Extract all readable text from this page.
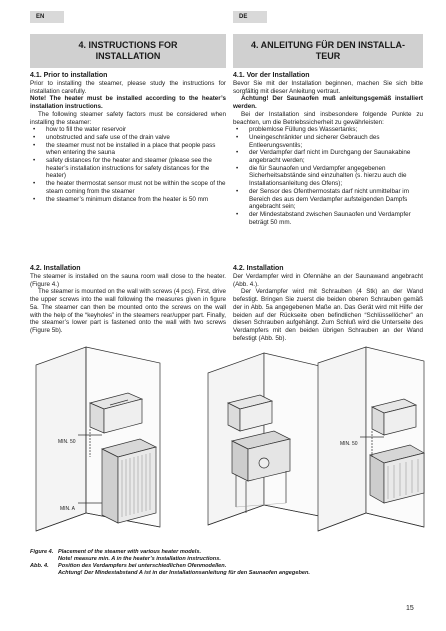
EN	DE
4. INSTRUCTIONS FOR
INSTALLATION
4. ANLEITUNG FÜR DEN INSTALLA-
TEUR
4.1. Prior to installation

Prior to installing the steamer, please study the instructions for installation carefully.

Note! The heater must be installed according to the heater’s installation instructions.

The following steamer safety factors must be considered when installing the steamer:

• how to fill the water reservoir
• unobstructed and safe use of the drain valve
• the steamer must not be installed in a place that people pass when entering the sauna
• safety distances for the heater and steamer (please see the heater’s installation instructions for safety distances for the heater)
• the heater thermostat sensor must not be within the scope of the steam coming from the steamer
• the steamer’s minimum distance from the heater is 50 mm
4.1. Vor der Installation

Bevor Sie mit der Installation beginnen, machen Sie sich bitte sorgfältig mit dieser Anleitung vertraut.

Achtung! Der Saunaofen muß anleitungsgemäß installiert werden.

Bei der Installation sind insbesondere folgende Punkte zu beachten, um die Betriebssicherheit zu gewährleisten:

• problemlose Füllung des Wassertanks;
• Uneingeschränkter und sicherer Gebrauch des Entleerungsventils;
• der Verdampfer darf nicht im Durchgang der Saunakabine angebracht werden;
• die für Saunaofen und Verdampfer angegebenen Sicherheitsabstände sind einzuhalten (s. hierzu auch die Installationsanleitung des Ofens);
• der Sensor des Ofenthermostats darf nicht unmittelbar im Bereich des aus dem Verdampfer aufsteigenden Dampfs angebracht sein;
• der Mindestabstand zwischen Saunaofen und Verdampfer beträgt 50 mm.
4.2. Installation

The steamer is installed on the sauna room wall close to the heater. (Figure 4.)

The steamer is mounted on the wall with screws (4 pcs). First, drive the upper screws into the wall following the measures given in figure 5a. The steamer can then be mounted onto the screws on the wall with the help of the “keyholes” in the steamers rear/upper part. Finally, the steamer’s lower part is fastened onto the wall with two screws (Figure 5b).

4.2. Installation

Der Verdampfer wird in Ofennähe an der Saunawand angebracht (Abb. 4.).

Der Verdampfer wird mit Schrauben (4 Stk) an der Wand befestigt. Bringen Sie zuerst die beiden oberen Schrauben gemäß der in Abb. 5a angegebenen Maße an. Das Gerät wird mit Hilfe der beiden auf der Rückseite oben befindlichen “Schlüssellöcher” an diesen Schrauben aufgehängt. Zum Schluß wird die Unterseite des Verdampfers mit den beiden übrigen Schrauben an der Wand befestigt (Abb. 5b).

MIN. 50
MIN. A
MIN. 50
Figure 4. Placement of the steamer with various heater models.
Note! measure min. A in the heater’s installation instructions.
Abb. 4.	Position des Verdampfers bei unterschiedlichen Ofenmodellen.
Achtung! Der Mindestabstand A ist in der Installationsanleitung für den Saunaofen angegeben.
15
